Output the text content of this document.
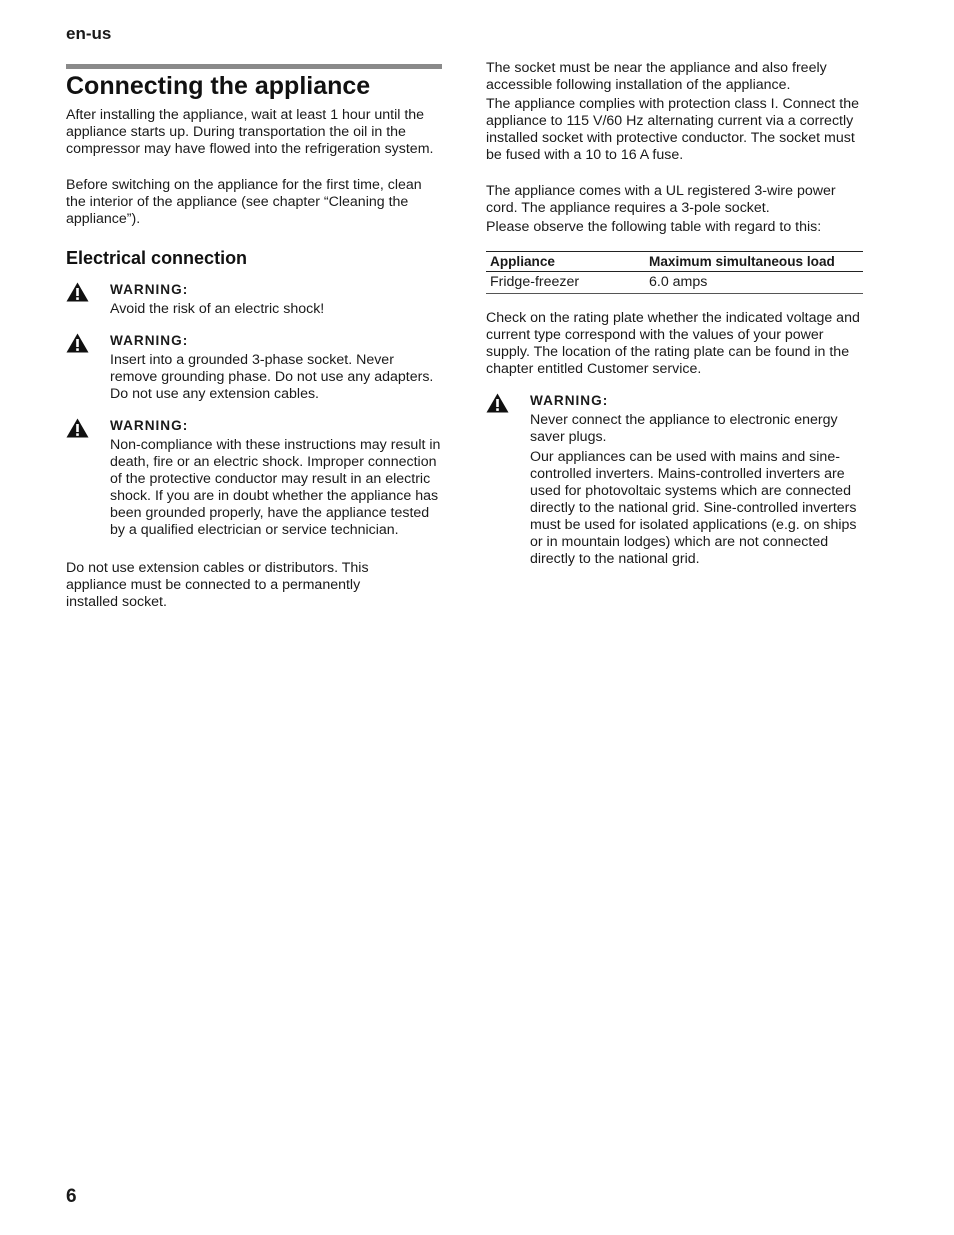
en-us
Connecting the appliance

After installing the appliance, wait at least 1 hour until the appliance starts up. During transportation the oil in the compressor may have flowed into the refrigeration system.

Before switching on the appliance for the first time, clean the interior of the appliance (see chapter “Cleaning the appliance”).

Electrical connection
WARNING:

Avoid the risk of an electric shock!

WARNING:

Insert into a grounded 3-phase socket. Never remove grounding phase. Do not use any adapters. Do not use any extension cables.

WARNING:

Non-compliance with these instructions may result in death, fire or an electric shock. Improper connection of the protective conductor may result in an electric shock. If you are in doubt whether the appliance has been grounded properly, have the appliance tested by a qualified electrician or service technician.

Do not use extension cables or distributors. This appliance must be connected to a permanently installed socket.

The socket must be near the appliance and also freely accessible following installation of the appliance.

The appliance complies with protection class I. Connect the appliance to 115 V/60 Hz alternating current via a correctly installed socket with protective conductor. The socket must be fused with a 10 to 16 A fuse.

The appliance comes with a UL registered 3-wire power cord. The appliance requires a 3-pole socket.

Please observe the following table with regard to this:

Appliance	Maximum simultaneous load
Fridge-freezer	6.0 amps

Check on the rating plate whether the indicated voltage and current type correspond with the values of your power supply. The location of the rating plate can be found in the chapter entitled Customer service.

WARNING:

Never connect the appliance to electronic energy saver plugs.

Our appliances can be used with mains and sine-controlled inverters. Mains-controlled inverters are used for photovoltaic systems which are connected directly to the national grid. Sine-controlled inverters must be used for isolated applications (e.g. on ships or in mountain lodges) which are not connected directly to the national grid.

6
